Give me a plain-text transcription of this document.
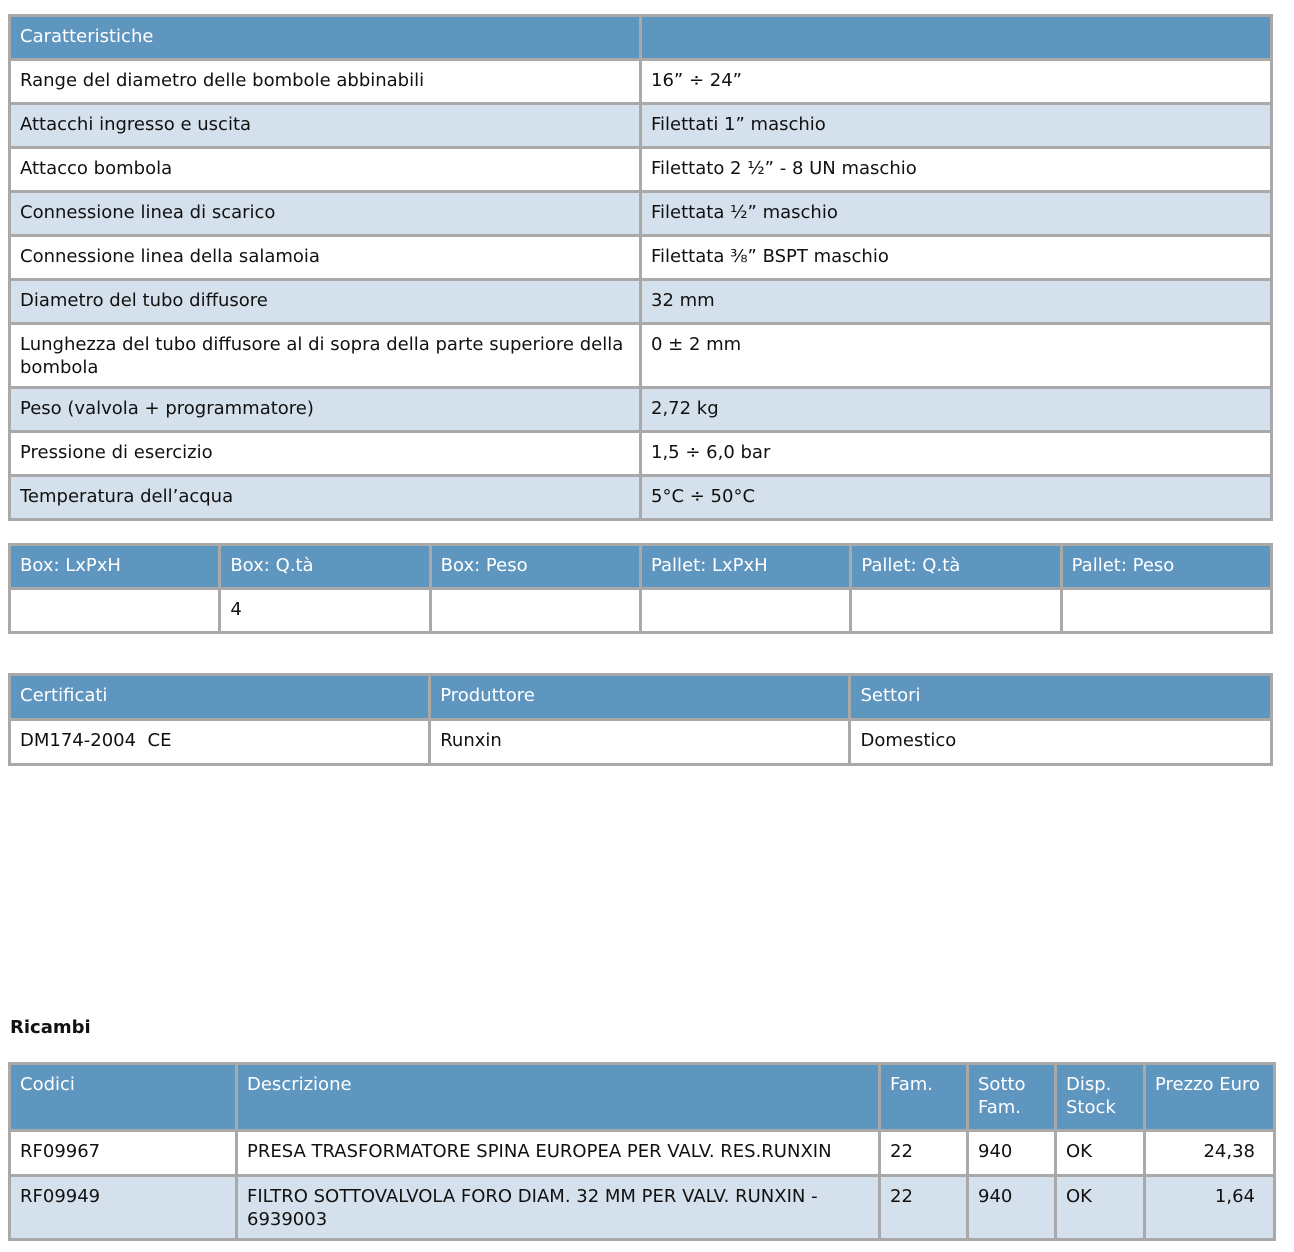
Caratteristiche	
Range del diametro delle bombole abbinabili	16” ÷ 24”
Attacchi ingresso e uscita	Filettati 1” maschio
Attacco bombola	Filettato 2 ½” - 8 UN maschio
Connessione linea di scarico	Filettata ½” maschio
Connessione linea della salamoia	Filettata ⅜” BSPT maschio
Diametro del tubo diffusore	32 mm
Lunghezza del tubo diffusore al di sopra della parte superiore della bombola	0 ± 2 mm
Peso (valvola + programmatore)	2,72 kg
Pressione di esercizio	1,5 ÷ 6,0 bar
Temperatura dell’acqua	5°C ÷ 50°C
Box: LxPxH	Box: Q.tà	Box: Peso	Pallet: LxPxH	Pallet: Q.tà	Pallet: Peso
	4				
Certificati	Produttore	Settori
DM174-2004  CE	Runxin	Domestico
Ricambi
Codici	Descrizione	Fam.	Sotto Fam.	Disp. Stock	Prezzo Euro
RF09967	PRESA TRASFORMATORE SPINA EUROPEA PER VALV. RES.RUNXIN	22	940	OK	24,38
RF09949	FILTRO SOTTOVALVOLA FORO DIAM. 32 MM PER VALV. RUNXIN - 6939003	22	940	OK	1,64
